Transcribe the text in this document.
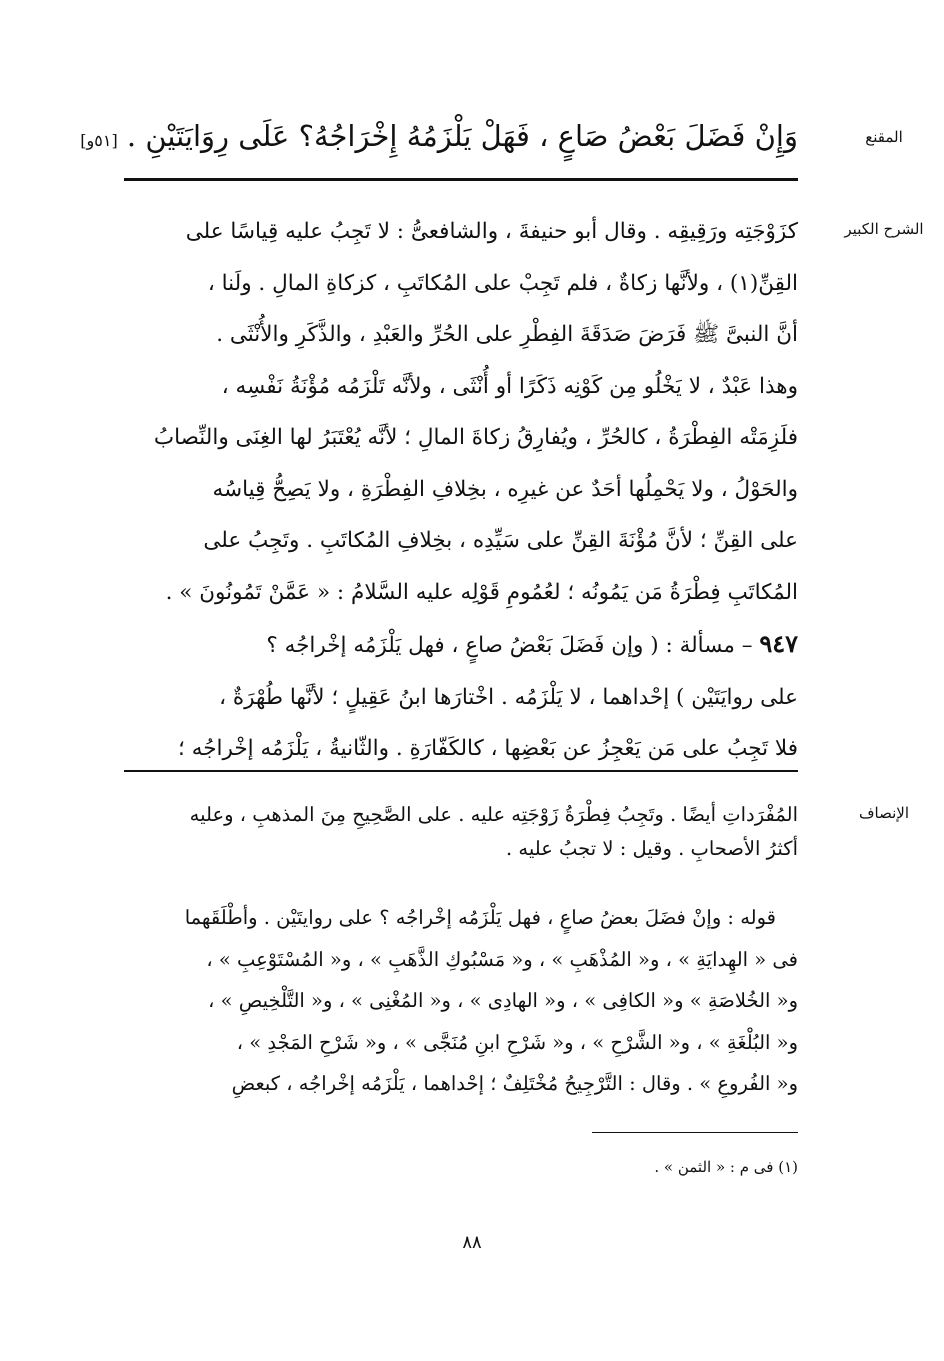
المقنع
وَإِنْ فَضَلَ بَعْضُ صَاعٍ ، فَهَلْ يَلْزَمُهُ إِخْرَاجُهُ؟ عَلَى رِوَايَتَيْنِ . [٥١و]
الشرح الكبير
كزَوْجَتِه ورَقِيقِه . وقال أبو حنيفةَ ، والشافعىُّ : لا تَجِبُ عليه قِياسًا على
القِنِّ(١) ، ولأنَّها زكاةٌ ، فلم تَجِبْ على المُكاتَبِ ، كزكاةِ المالِ . ولَنا ،
أنَّ النبىَّ ﷺ فَرَضَ صَدَقَةَ الفِطْرِ على الحُرِّ والعَبْدِ ، والذَّكَرِ والأُنْثَى .
وهذا عَبْدٌ ، لا يَخْلُو مِن كَوْنِه ذَكَرًا أو أُنْثَى ، ولأنَّه تَلْزَمُه مُؤْنَةُ نَفْسِه ،
فلَزِمَتْه الفِطْرَةُ ، كالحُرِّ ، ويُفارِقُ زكاةَ المالِ ؛ لأنَّه يُعْتَبَرُ لها الغِنَى والنِّصابُ
والحَوْلُ ، ولا يَحْمِلُها أحَدٌ عن غيرِه ، بخِلافِ الفِطْرَةِ ، ولا يَصِحُّ قِياسُه
على القِنِّ ؛ لأنَّ مُؤْنَةَ القِنِّ على سَيِّدِه ، بخِلافِ المُكاتَبِ . وتَجِبُ على
المُكاتَبِ فِطْرَةُ مَن يَمُونُه ؛ لعُمُومِ قَوْلِه عليه السَّلامُ : « عَمَّنْ تَمُونُونَ » .
٩٤٧ – مسألة : ( وإن فَضَلَ بَعْضُ صاعٍ ، فهل يَلْزَمُه إخْراجُه ؟
على روايَتَيْن ) إحْداهما ، لا يَلْزَمُه . اخْتارَها ابنُ عَقِيلٍ ؛ لأنَّها طُهْرَةٌ ،
فلا تَجِبُ على مَن يَعْجِزُ عن بَعْضِها ، كالكَفّارَةِ . والثّانيةُ ، يَلْزَمُه إخْراجُه ؛
الإنصاف
المُفْرَداتِ أيضًا . وتَجِبُ فِطْرَةُ زَوْجَتِه عليه . على الصَّحِيحِ مِنَ المذهبِ ، وعليه
أكثرُ الأصحابِ . وقيل : لا تجبُ عليه .
قوله : وإنْ فضَلَ بعضُ صاعٍ ، فهل يَلْزَمُه إخْراجُه ؟ على روايتَيْن . وأطْلَقَهما
فى « الهِدايَةِ » ، و« المُذْهَبِ » ، و« مَسْبُوكِ الذَّهَبِ » ، و« المُسْتَوْعِبِ » ،
و« الخُلاصَةِ » و« الكافِى » ، و« الهادِى » ، و« المُغْنِى » ، و« التَّلْخِيصِ » ،
و« البُلْغَةِ » ، و« الشَّرْحِ » ، و« شَرْحِ ابنِ مُنَجَّى » ، و« شَرْحِ المَجْدِ » ،
و« الفُروعِ » . وقال : التَّرْجِيحُ مُخْتَلِفٌ ؛ إحْداهما ، يَلْزَمُه إخْراجُه ، كبعضِ
(١) فى م : « الثمن » .
٨٨
